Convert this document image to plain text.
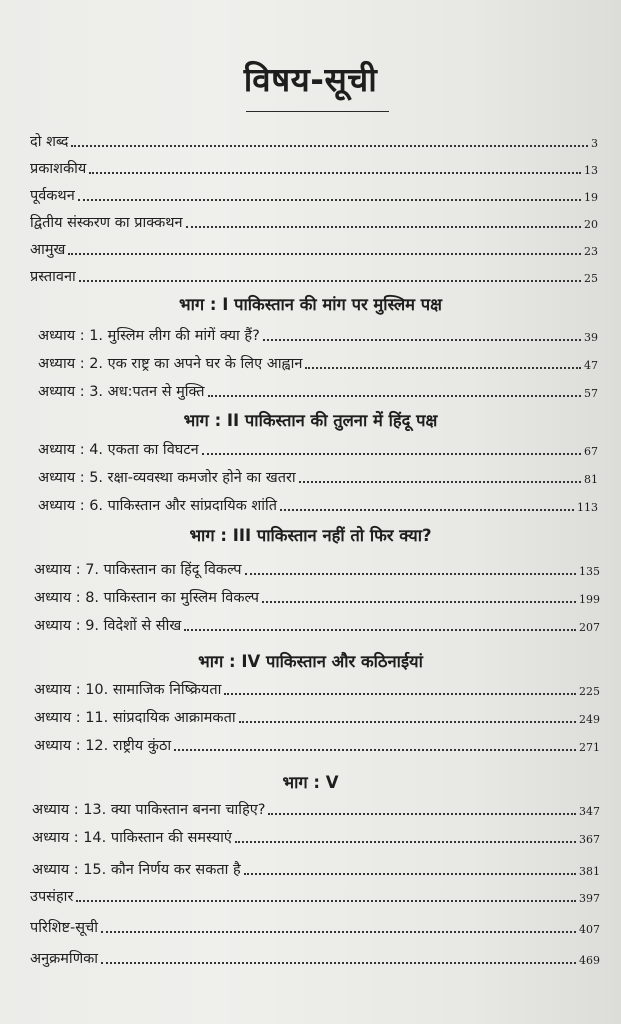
विषय-सूची
दो शब्द	3
प्रकाशकीय	13
पूर्वकथन	19
द्वितीय संस्करण का प्राक्कथन	20
आमुख	23
प्रस्तावना	25
भाग : I पाकिस्तान की मांग पर मुस्लिम पक्ष
अध्याय : 1. मुस्लिम लीग की मांगें क्या हैं?	39
अध्याय : 2. एक राष्ट्र का अपने घर के लिए आह्वान	47
अध्याय : 3. अध:पतन से मुक्ति	57
भाग : II पाकिस्तान की तुलना में हिंदू पक्ष
अध्याय : 4. एकता का विघटन	67
अध्याय : 5. रक्षा-व्यवस्था कमजोर होने का खतरा	81
अध्याय : 6. पाकिस्तान और सांप्रदायिक शांति	113
भाग : III पाकिस्तान नहीं तो फिर क्या?
अध्याय : 7. पाकिस्तान का हिंदू विकल्प	135
अध्याय : 8. पाकिस्तान का मुस्लिम विकल्प	199
अध्याय : 9. विदेशों से सीख	207
भाग : IV पाकिस्तान और कठिनाईयां
अध्याय : 10. सामाजिक निष्क्रियता	225
अध्याय : 11. सांप्रदायिक आक्रामकता	249
अध्याय : 12. राष्ट्रीय कुंठा	271
भाग : V
अध्याय : 13. क्या पाकिस्तान बनना चाहिए?	347
अध्याय : 14. पाकिस्तान की समस्याएं	367
अध्याय : 15. कौन निर्णय कर सकता है	381
उपसंहार	397
परिशिष्ट-सूची	407
अनुक्रमणिका	469
